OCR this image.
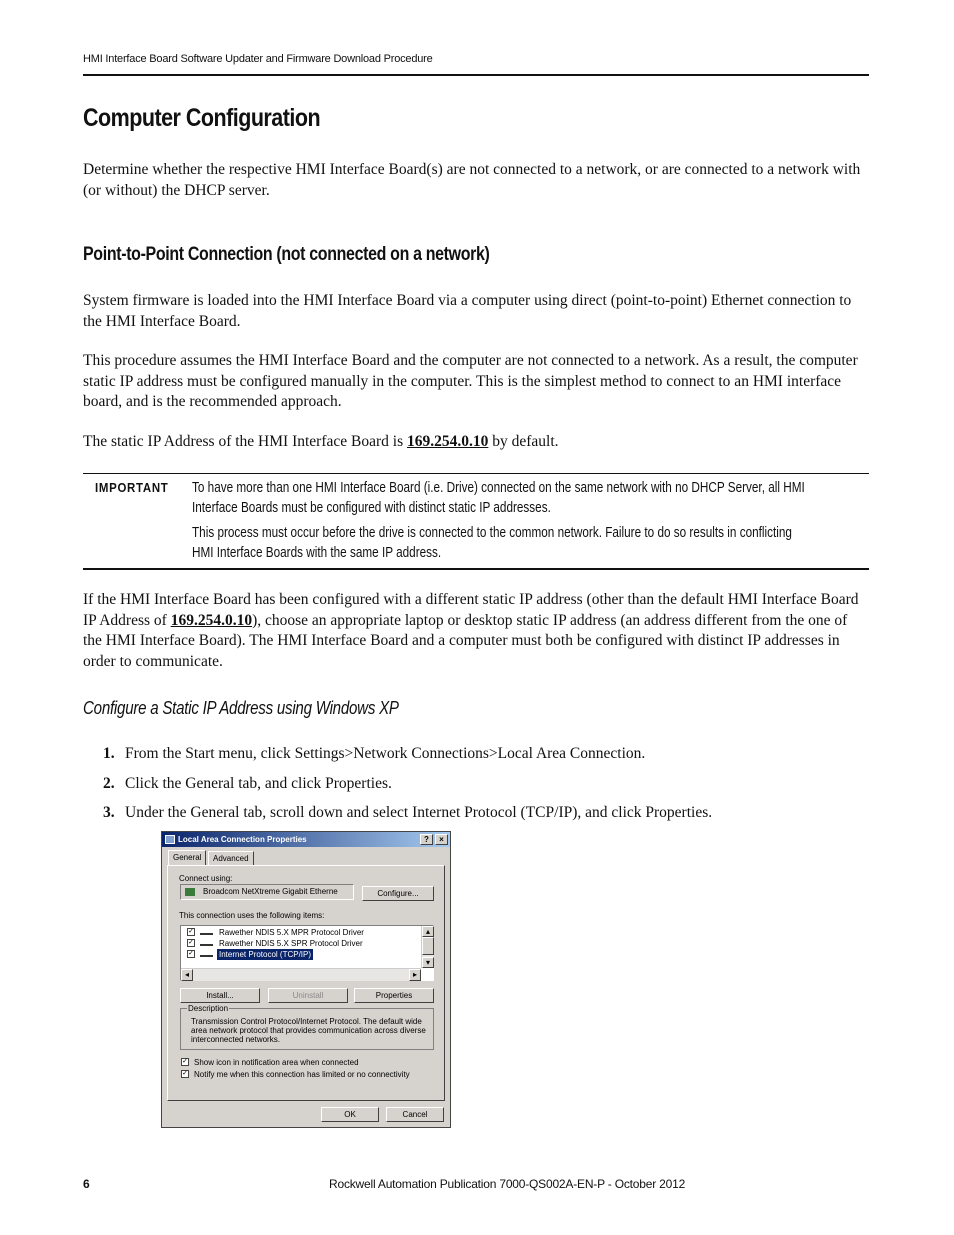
HMI Interface Board Software Updater and Firmware Download Procedure
Computer Configuration

Determine whether the respective HMI Interface Board(s) are not connected to a network, or are connected to a network with (or without) the DHCP server.

Point-to-Point Connection (not connected on a network)

System firmware is loaded into the HMI Interface Board via a computer using direct (point-to-point) Ethernet connection to the HMI Interface Board.

This procedure assumes the HMI Interface Board and the computer are not connected to a network. As a result, the computer static IP address must be configured manually in the computer. This is the simplest method to connect to an HMI interface board, and is the recommended approach.

The static IP Address of the HMI Interface Board is 169.254.0.10 by default.

IMPORTANT To have more than one HMI Interface Board (i.e. Drive) connected on the same network with no DHCP Server, all HMI Interface Boards must be configured with distinct static IP addresses.

This process must occur before the drive is connected to the common network. Failure to do so results in conflicting HMI Interface Boards with the same IP address.

If the HMI Interface Board has been configured with a different static IP address (other than the default HMI Interface Board IP Address of 169.254.0.10), choose an appropriate laptop or desktop static IP address (an address different from the one of the HMI Interface Board). The HMI Interface Board and a computer must both be configured with distinct IP addresses in order to communicate.

Configure a Static IP Address using Windows XP
1. From the Start menu, click Settings>Network Connections>Local Area Connection.
2. Click the General tab, and click Properties.
3. Under the General tab, scroll down and select Internet Protocol (TCP/IP), and click Properties.
Local Area Connection Properties	?	×
General	Advanced
Connect using:
Broadcom NetXtreme Gigabit Etherne	Configure...
This connection uses the following items:
✓	Rawether NDIS 5.X MPR Protocol Driver
✓	Rawether NDIS 5.X SPR Protocol Driver
✓	Internet Protocol (TCP/IP)
▴
▾
◂	▸
Install...	Uninstall	Properties
Description
Transmission Control Protocol/Internet Protocol. The default wide area network protocol that provides communication across diverse interconnected networks.
✓ Show icon in notification area when connected
✓ Notify me when this connection has limited or no connectivity
OK	Cancel
6	Rockwell Automation Publication 7000-QS002A-EN-P - October 2012
